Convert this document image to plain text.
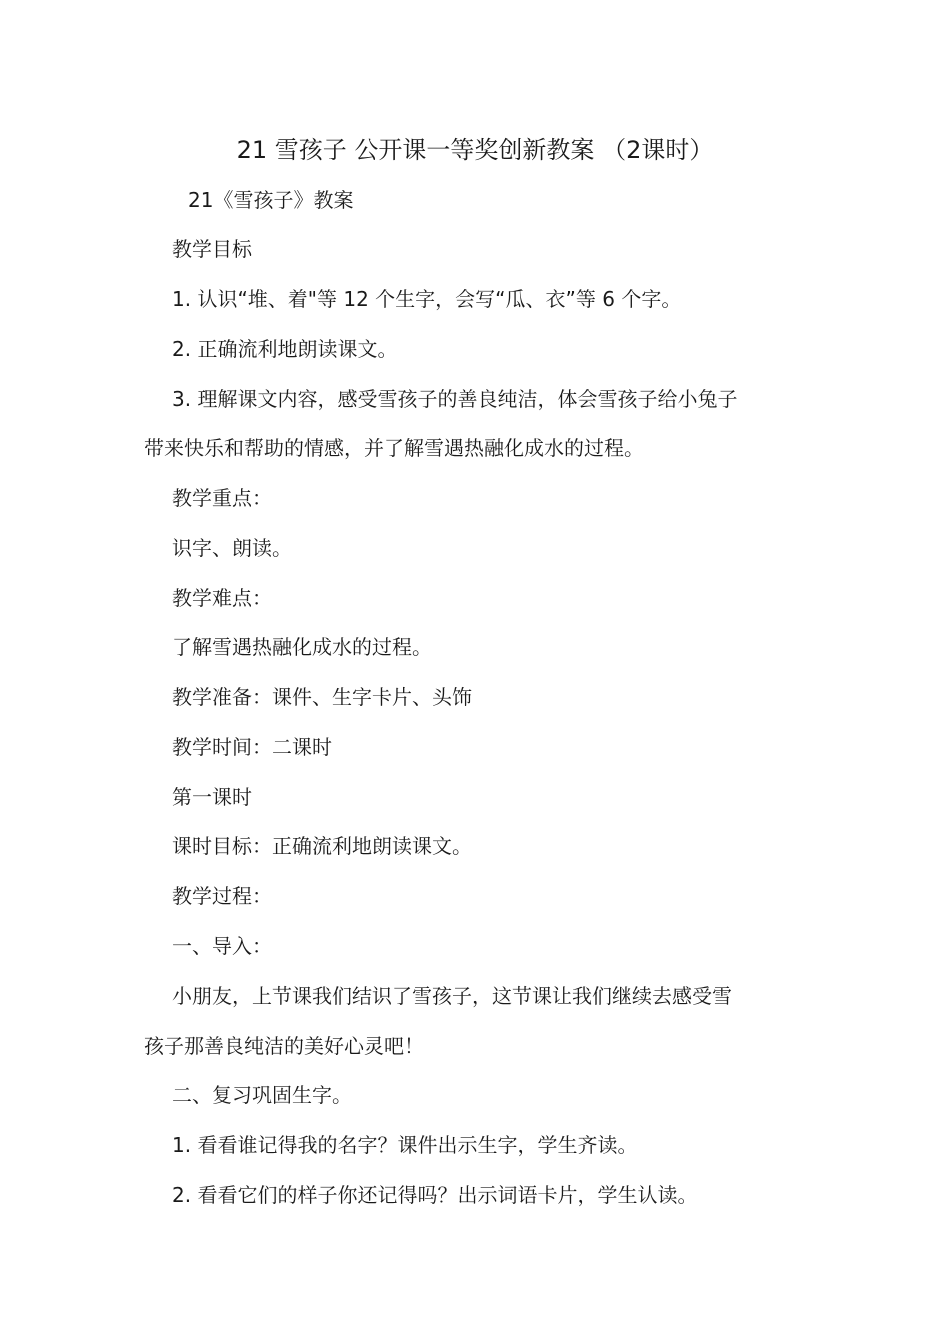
21 雪孩子 公开课一等奖创新教案 （2课时）

21《雪孩子》教案

教学目标

1. 认识“堆、着"等 12 个生字，会写“瓜、衣”等 6 个字。

2. 正确流利地朗读课文。

3. 理解课文内容，感受雪孩子的善良纯洁，体会雪孩子给小兔子

带来快乐和帮助的情感，并了解雪遇热融化成水的过程。

教学重点：

识字、朗读。

教学难点：

了解雪遇热融化成水的过程。

教学准备：课件、生字卡片、头饰

教学时间：二课时

第一课时

课时目标：正确流利地朗读课文。

教学过程：

一、导入：

小朋友，上节课我们结识了雪孩子，这节课让我们继续去感受雪

孩子那善良纯洁的美好心灵吧！

二、复习巩固生字。

1. 看看谁记得我的名字？课件出示生字，学生齐读。

2. 看看它们的样子你还记得吗？出示词语卡片，学生认读。
